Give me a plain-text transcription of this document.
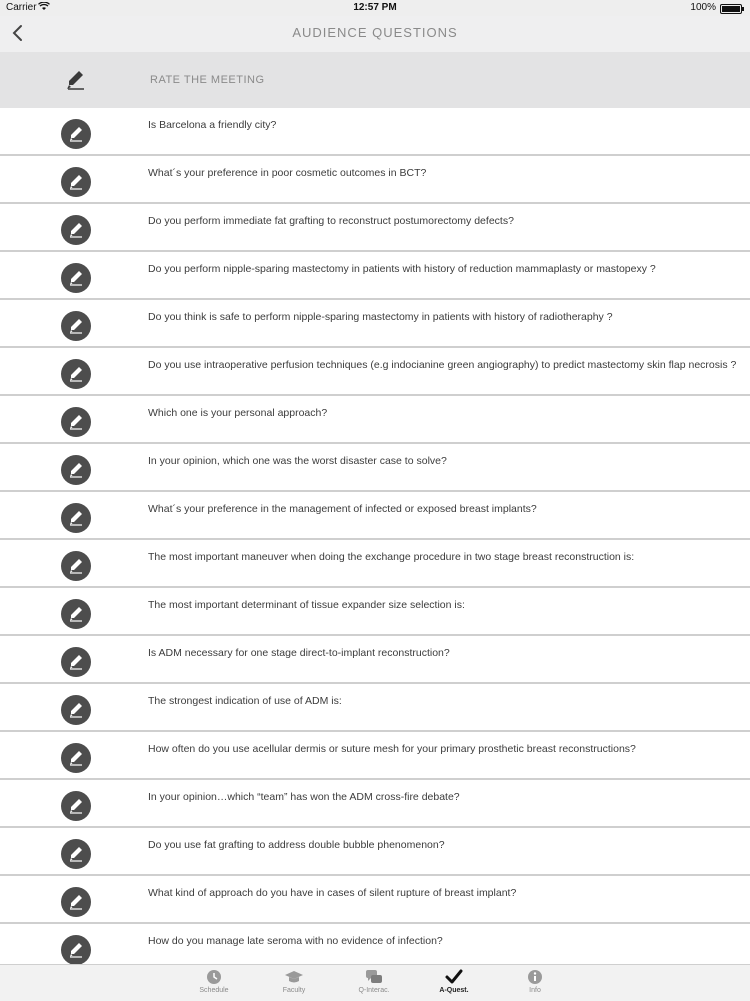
Carrier	12:57 PM	100%
AUDIENCE QUESTIONS
RATE THE MEETING
Is Barcelona a friendly city?
What´s your preference in poor cosmetic outcomes in BCT?
Do you perform immediate fat grafting to reconstruct postumorectomy defects?
Do you perform nipple-sparing mastectomy in patients with history of reduction mammaplasty or mastopexy ?
Do you think is safe to perform nipple-sparing mastectomy in patients with history of radiotheraphy ?
Do you use intraoperative perfusion techniques (e.g indocianine green angiography) to predict mastectomy skin flap necrosis ?
Which one is your personal approach?
In your opinion, which one was the worst disaster case to solve?
What´s your preference in the management of infected or exposed breast implants?
The most important maneuver when doing the exchange procedure in two stage breast reconstruction is:
The most important determinant of tissue expander size selection is:
Is ADM necessary for one stage direct-to-implant reconstruction?
The strongest indication of use of ADM is:
How often do you use acellular dermis or suture mesh for your primary prosthetic breast reconstructions?
In your opinion…which “team” has won the ADM cross-fire debate?
Do you use fat grafting to address double bubble phenomenon?
What kind of approach do you have in cases of silent rupture of breast implant?
How do you manage late seroma with no evidence of infection?
Schedule	Faculty	Q-Interac.	A-Quest.	Info
